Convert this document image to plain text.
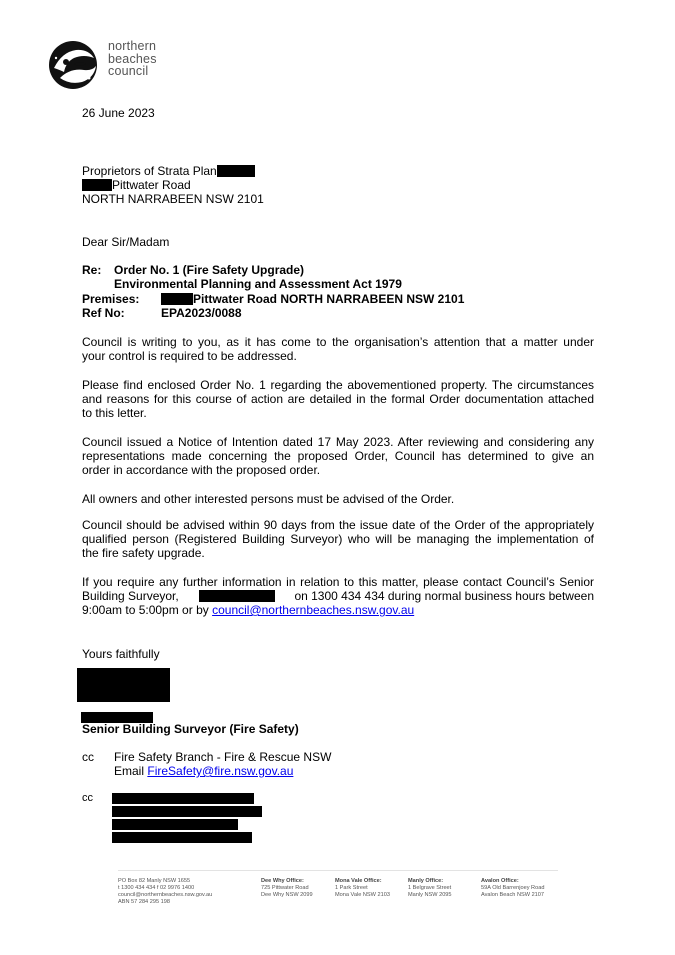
northern
beaches
council
26 June 2023
Proprietors of Strata Plan
Pittwater Road
NORTH NARRABEEN NSW 2101
Dear Sir/Madam
Re: Order No. 1 (Fire Safety Upgrade)
Environmental Planning and Assessment Act 1979
Premises:	Pittwater Road NORTH NARRABEEN NSW 2101
Ref No:	EPA2023/0088
Council is writing to you, as it has come to the organisation’s attention that a matter under
your control is required to be addressed.
Please find enclosed Order No. 1 regarding the abovementioned property. The circumstances
and reasons for this course of action are detailed in the formal Order documentation attached
to this letter.
Council issued a Notice of Intention dated 17 May 2023. After reviewing and considering any
representations made concerning the proposed Order, Council has determined to give an
order in accordance with the proposed order.
All owners and other interested persons must be advised of the Order.
Council should be advised within 90 days from the issue date of the Order of the appropriately
qualified person (Registered Building Surveyor) who will be managing the implementation of
the fire safety upgrade.
If you require any further information in relation to this matter, please contact Council’s Senior
Building Surveyor,	on 1300 434 434 during normal business hours between
9:00am to 5:00pm or by council@northernbeaches.nsw.gov.au
Yours faithfully
Senior Building Surveyor (Fire Safety)
cc Fire Safety Branch - Fire & Rescue NSW
Email FireSafety@fire.nsw.gov.au
cc
PO Box 82 Manly NSW 1655
t 1300 434 434 f 02 9976 1400
council@northernbeaches.nsw.gov.au
ABN 57 284 295 198
Dee Why Office:
725 Pittwater Road
Dee Why NSW 2099
Mona Vale Office:
1 Park Street
Mona Vale NSW 2103
Manly Office:
1 Belgrave Street
Manly NSW 2095
Avalon Office:
59A Old Barrenjoey Road
Avalon Beach NSW 2107
